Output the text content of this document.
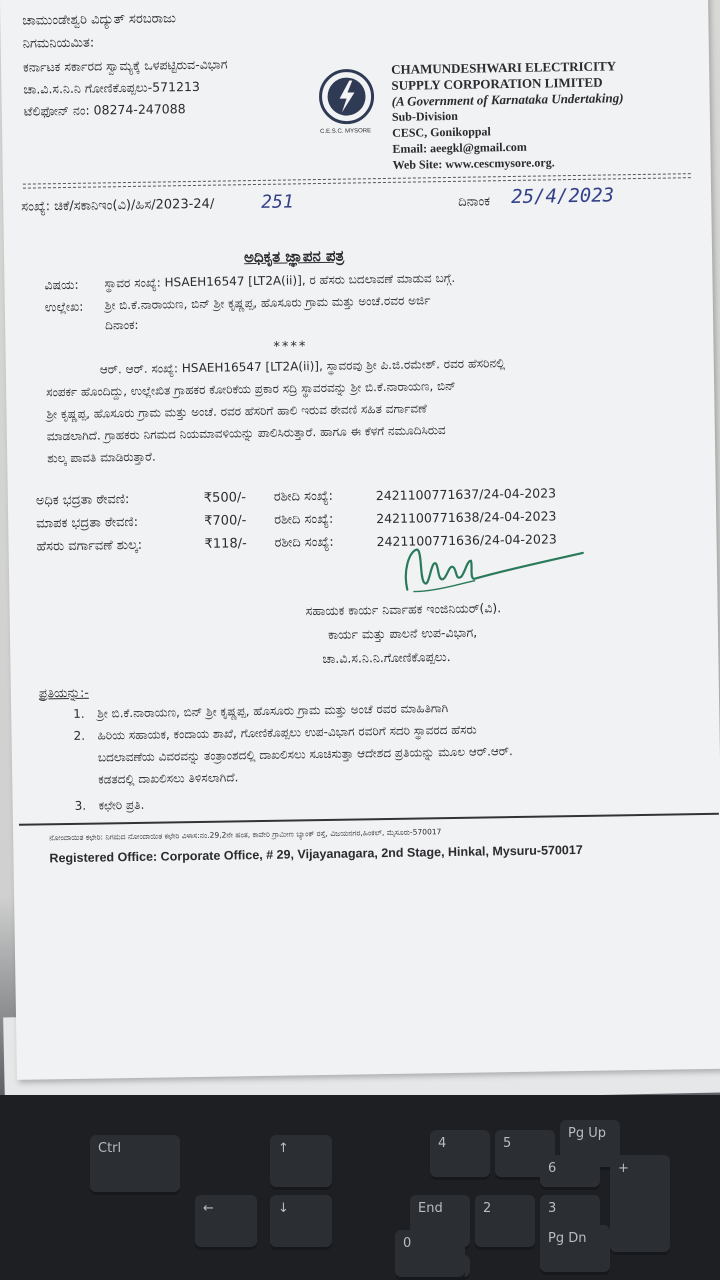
Ctrl	↑
←	↓	End	2	3
0	Pg Dn
Pg Up
4	5
6	+
ಚಾಮುಂಡೇಶ್ವರಿ ವಿದ್ಯುತ್ ಸರಬರಾಜು
ನಿಗಮನಿಯಮಿತ:
ಕರ್ನಾಟಕ ಸರ್ಕಾರದ ಸ್ವಾಮ್ಯಕ್ಕೆ ಒಳಪಟ್ಟಿರುವ-ವಿಭಾಗ
ಚಾ.ವಿ.ಸ.ನಿ.ನಿ ಗೋಣಿಕೊಪ್ಪಲು-571213
ಟೆಲಿಫೋನ್ ನಂ: 08274-247088
C.E.S.C. MYSORE
CHAMUNDESHWARI ELECTRICITY
SUPPLY CORPORATION LIMITED
(A Government of Karnataka Undertaking)
Sub-Division
CESC, Gonikoppal
Email: aeegkl@gmail.com
Web Site: www.cescmysore.org.
ಸಂಖ್ಯೆ: ಚಿಕೆ/ಸಕಾನಿಇಂ(ವಿ)/ಹಿಸ/2023-24/	251	ದಿನಾಂಕ 25/4/2023
ಅಧಿಕೃತ ಜ್ಞಾಪನ ಪತ್ರ
ವಿಷಯ: ಸ್ಥಾವರ ಸಂಖ್ಯೆ: HSAEH16547 [LT2A(ii)], ರ ಹೆಸರು ಬದಲಾವಣೆ ಮಾಡುವ ಬಗ್ಗೆ.
ಉಲ್ಲೇಖ: ಶ್ರೀ ಬಿ.ಕೆ.ನಾರಾಯಣ, ಬಿನ್ ಶ್ರೀ ಕೃಷ್ಣಪ್ಪ, ಹೊಸೂರು ಗ್ರಾಮ ಮತ್ತು ಅಂಚೆ.ರವರ ಅರ್ಜಿ
ದಿನಾಂಕ:
****
ಆರ್. ಆರ್. ಸಂಖ್ಯೆ: HSAEH16547 [LT2A(ii)], ಸ್ಥಾವರವು ಶ್ರೀ ಪಿ.ಜಿ.ರಮೇಶ್. ರವರ ಹೆಸರಿನಲ್ಲಿ
ಸಂಪರ್ಕ ಹೊಂದಿದ್ದು, ಉಲ್ಲೇಖಿತ ಗ್ರಾಹಕರ ಕೋರಿಕೆಯ ಪ್ರಕಾರ ಸದ್ರಿ ಸ್ಥಾವರವನ್ನು ಶ್ರೀ ಬಿ.ಕೆ.ನಾರಾಯಣ, ಬಿನ್
ಶ್ರೀ ಕೃಷ್ಣಪ್ಪ, ಹೊಸೂರು ಗ್ರಾಮ ಮತ್ತು ಅಂಚೆ. ರವರ ಹೆಸರಿಗೆ ಹಾಲಿ ಇರುವ ಠೇವಣಿ ಸಹಿತ ವರ್ಗಾವಣೆ
ಮಾಡಲಾಗಿದೆ. ಗ್ರಾಹಕರು ನಿಗಮದ ನಿಯಮಾವಳಿಯನ್ನು ಪಾಲಿಸಿರುತ್ತಾರೆ. ಹಾಗೂ ಈ ಕೆಳಗೆ ನಮೂದಿಸಿರುವ
ಶುಲ್ಕ ಪಾವತಿ ಮಾಡಿರುತ್ತಾರೆ.
ಅಧಿಕ ಭದ್ರತಾ ಠೇವಣಿ:	₹500/- ರಶೀದಿ ಸಂಖ್ಯೆ:	2421100771637/24-04-2023
ಮಾಪಕ ಭದ್ರತಾ ಠೇವಣಿ:	₹700/- ರಶೀದಿ ಸಂಖ್ಯೆ:	2421100771638/24-04-2023
ಹೆಸರು ವರ್ಗಾವಣೆ ಶುಲ್ಕ:	₹118/- ರಶೀದಿ ಸಂಖ್ಯೆ:	2421100771636/24-04-2023
ಸಹಾಯಕ ಕಾರ್ಯ ನಿರ್ವಾಹಕ ಇಂಜಿನಿಯರ್(ವಿ).
ಕಾರ್ಯ ಮತ್ತು ಪಾಲನೆ ಉಪ-ವಿಭಾಗ,
ಚಾ.ವಿ.ಸ.ನಿ.ನಿ.ಗೋಣಿಕೊಪ್ಪಲು.
ಪ್ರತಿಯನ್ನು:-
1. ಶ್ರೀ ಬಿ.ಕೆ.ನಾರಾಯಣ, ಬಿನ್ ಶ್ರೀ ಕೃಷ್ಣಪ್ಪ, ಹೊಸೂರು ಗ್ರಾಮ ಮತ್ತು ಅಂಚೆ ರವರ ಮಾಹಿತಿಗಾಗಿ
2. ಹಿರಿಯ ಸಹಾಯಕ, ಕಂದಾಯ ಶಾಖೆ, ಗೋಣಿಕೊಪ್ಪಲು ಉಪ-ವಿಭಾಗ ರವರಿಗೆ ಸದರಿ ಸ್ಥಾವರದ ಹೆಸರು
ಬದಲಾವಣೆಯ ವಿವರವನ್ನು ತಂತ್ರಾಂಶದಲ್ಲಿ ದಾಖಲಿಸಲು ಸೂಚಿಸುತ್ತಾ ಆದೇಶದ ಪ್ರತಿಯನ್ನು ಮೂಲ ಆರ್.ಆರ್.
ಕಡತದಲ್ಲಿ ದಾಖಲಿಸಲು ತಿಳಿಸಲಾಗಿದೆ.
3. ಕಛೇರಿ ಪ್ರತಿ.
ನೋಂದಾಯಿತ ಕಛೇರಿ: ನಿಗಮದ ನೋಂದಾಯಿತ ಕಛೇರಿ ವಿಳಾಸ:ನಂ.29,2ನೇ ಹಂತ, ಕಾವೇರಿ ಗ್ರಾಮೀಣ ಬ್ಯಾಂಕ್ ರಸ್ತೆ, ವಿಜಯನಗರ,ಹಿಂಕಲ್, ಮೈಸೂರು-570017
Registered Office: Corporate Office, # 29, Vijayanagara, 2nd Stage, Hinkal, Mysuru-570017
